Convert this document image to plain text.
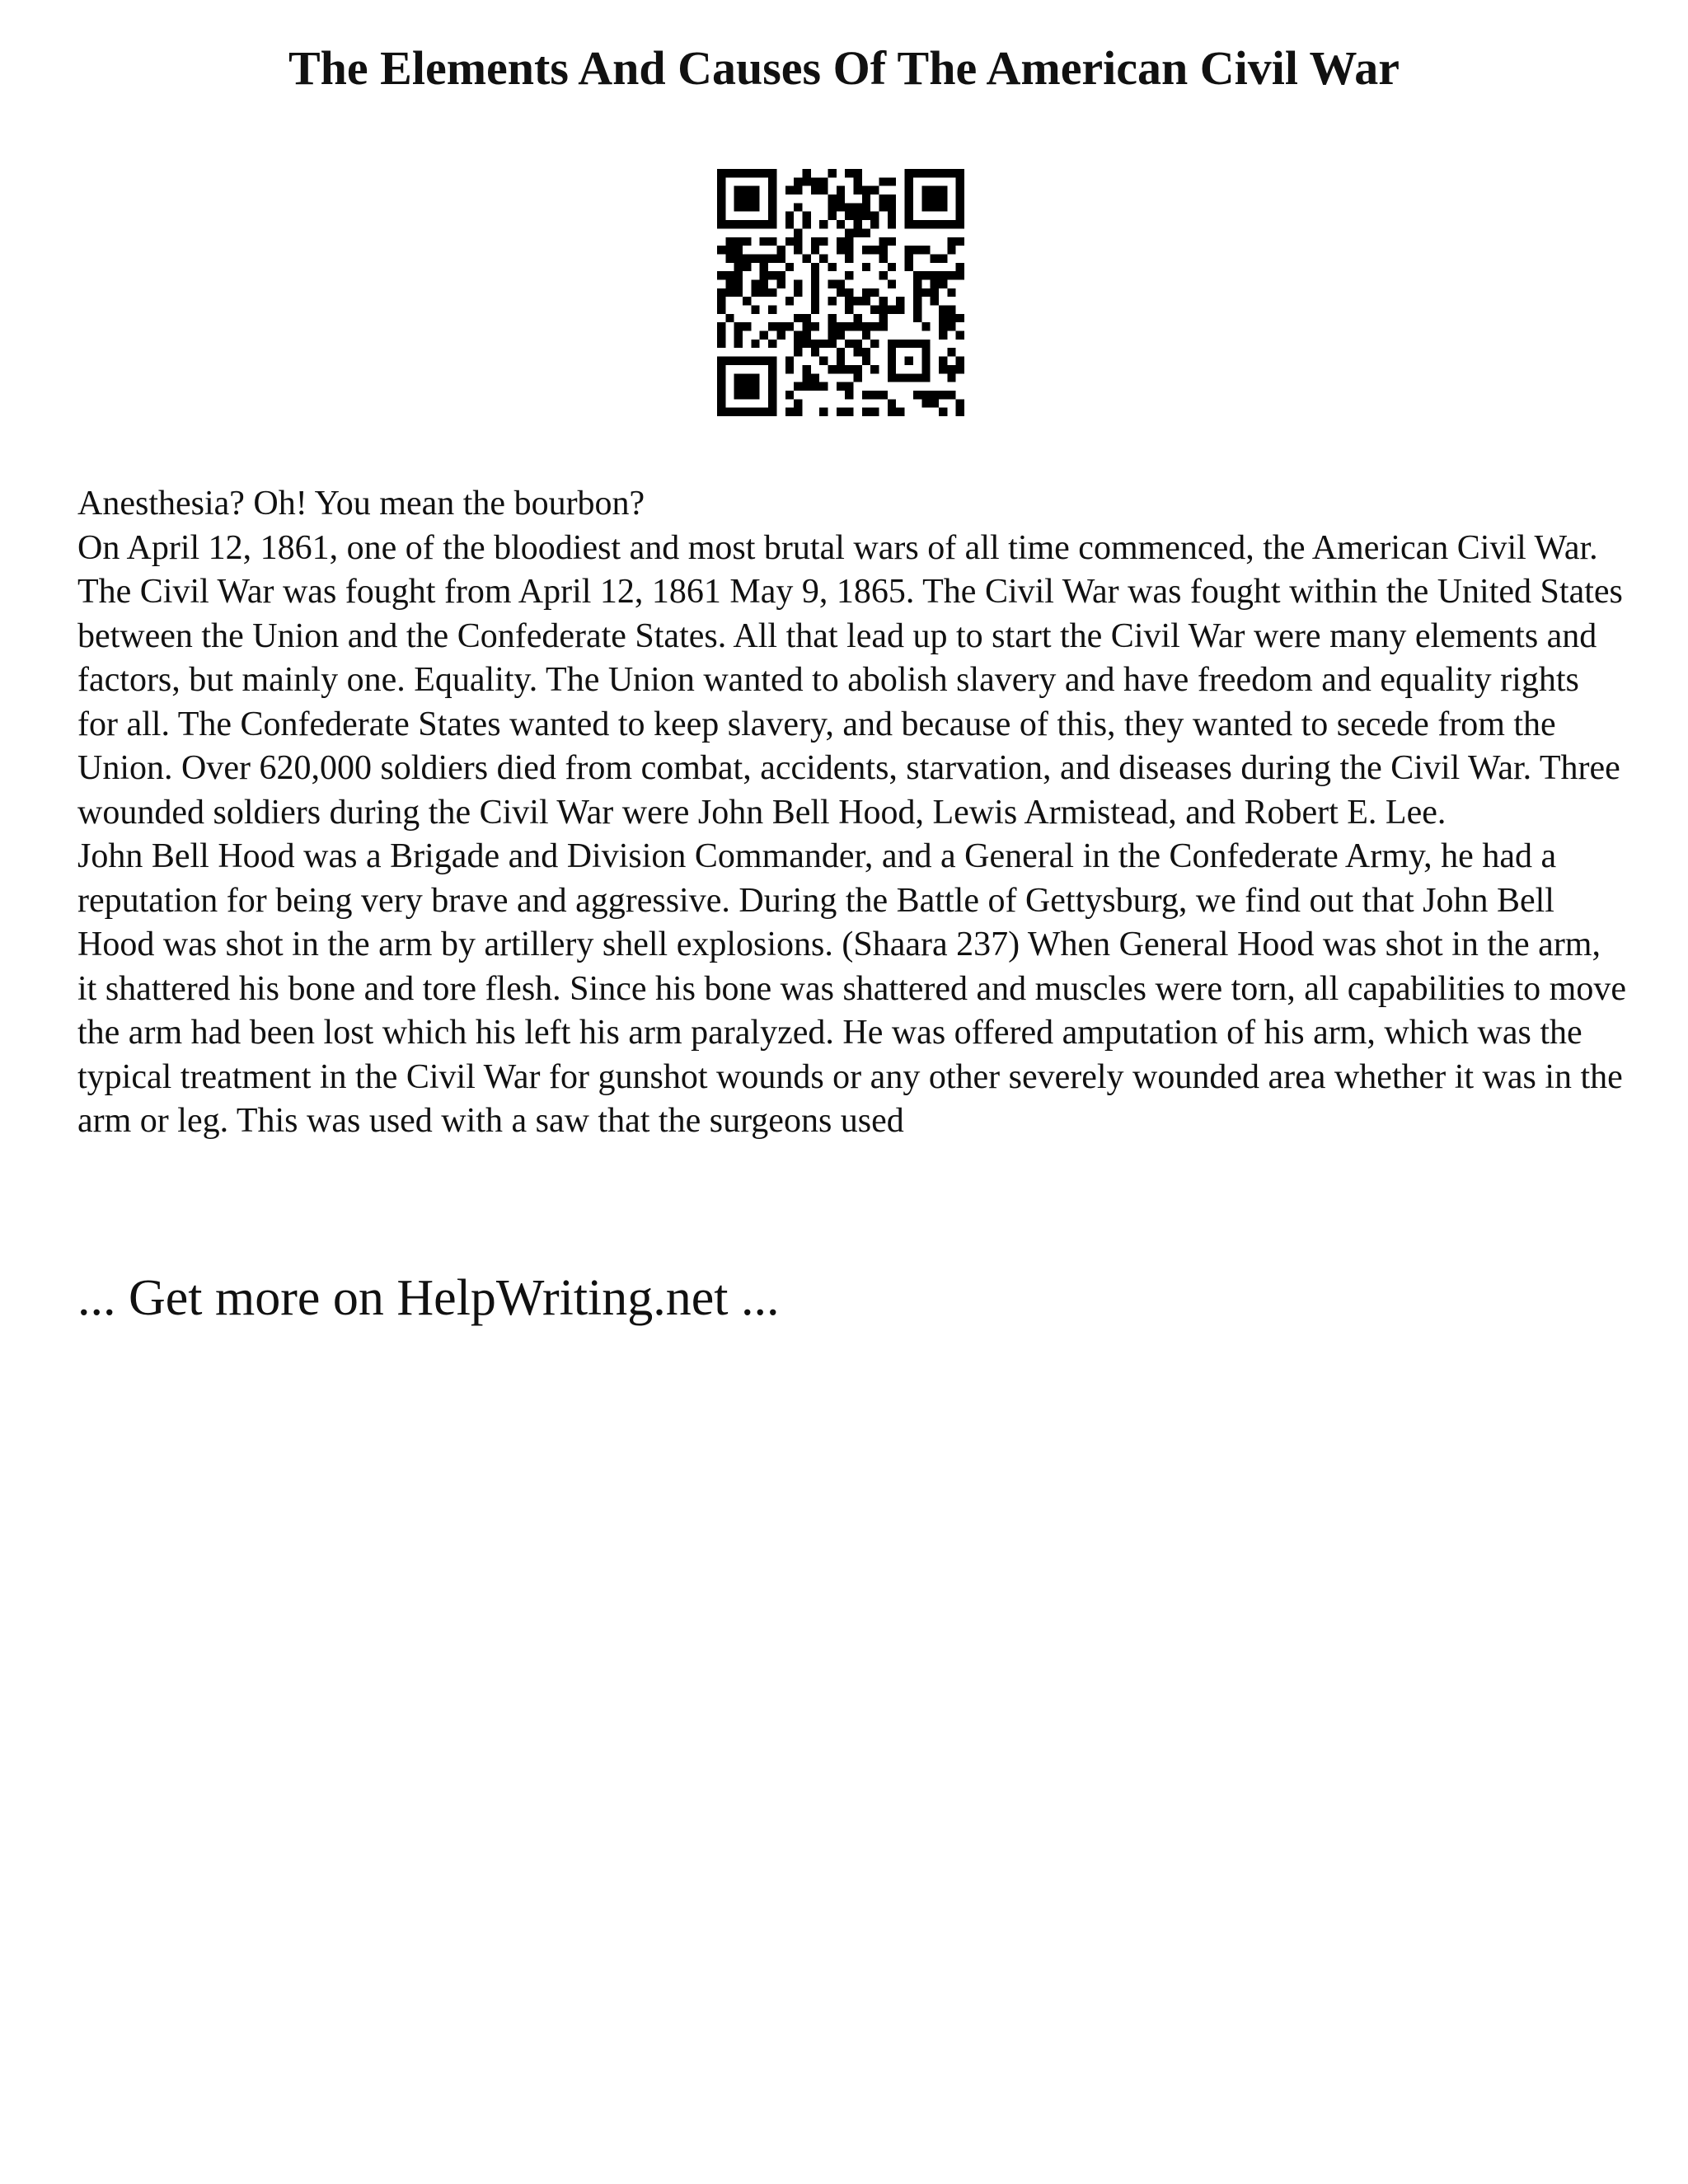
The Elements And Causes Of The American Civil War

Anesthesia? Oh! You mean the bourbon?

On April 12, 1861, one of the bloodiest and most brutal wars of all time commenced, the American Civil War. The Civil War was fought from April 12, 1861 May 9, 1865. The Civil War was fought within the United States between the Union and the Confederate States. All that lead up to start the Civil War were many elements and factors, but mainly one. Equality. The Union wanted to abolish slavery and have freedom and equality rights for all. The Confederate States wanted to keep slavery, and because of this, they wanted to secede from the Union. Over 620,000 soldiers died from combat, accidents, starvation, and diseases during the Civil War. Three wounded soldiers during the Civil War were John Bell Hood, Lewis Armistead, and Robert E. Lee.

John Bell Hood was a Brigade and Division Commander, and a General in the Confederate Army, he had a reputation for being very brave and aggressive. During the Battle of Gettysburg, we find out that John Bell Hood was shot in the arm by artillery shell explosions. (Shaara 237) When General Hood was shot in the arm, it shattered his bone and tore flesh. Since his bone was shattered and muscles were torn, all capabilities to move the arm had been lost which his left his arm paralyzed. He was offered amputation of his arm, which was the typical treatment in the Civil War for gunshot wounds or any other severely wounded area whether it was in the arm or leg. This was used with a saw that the surgeons used

... Get more on HelpWriting.net ...
